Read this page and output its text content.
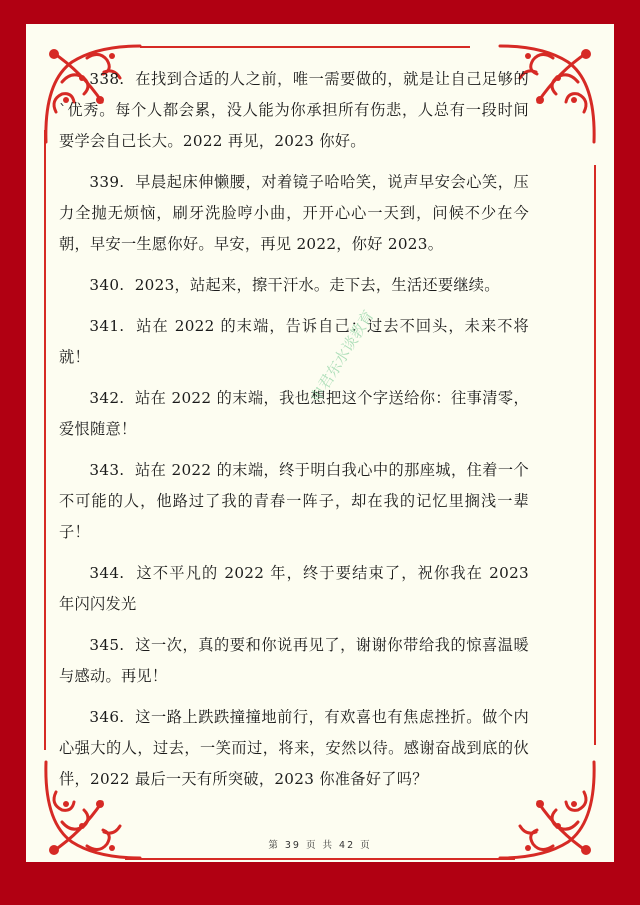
338. 在找到合适的人之前，唯一需要做的，就是让自己足够的`优秀。每个人都会累，没人能为你承担所有伤悲，人总有一段时间要学会自己长大。2022 再见，2023 你好。

339. 早晨起床伸懒腰，对着镜子哈哈笑，说声早安会心笑，压力全抛无烦恼，刷牙洗脸哼小曲，开开心心一天到，问候不少在今朝，早安一生愿你好。早安，再见 2022，你好 2023。

340. 2023，站起来，擦干汗水。走下去，生活还要继续。

341. 站在 2022 的末端，告诉自己：过去不回头，未来不将就！

342. 站在 2022 的末端，我也想把这个字送给你：往事清零，爱恨随意！

343. 站在 2022 的末端，终于明白我心中的那座城，住着一个不可能的人，他路过了我的青春一阵子，却在我的记忆里搁浅一辈子！

344. 这不平凡的 2022 年，终于要结束了，祝你我在 2023 年闪闪发光

345. 这一次，真的要和你说再见了，谢谢你带给我的惊喜温暖与感动。再见！

346. 这一路上跌跌撞撞地前行，有欢喜也有焦虑挫折。做个内心强大的人，过去，一笑而过，将来，安然以待。感谢奋战到底的伙伴，2022 最后一天有所突破，2023 你准备好了吗？

申君东水谈教育
第 39 页 共 42 页
